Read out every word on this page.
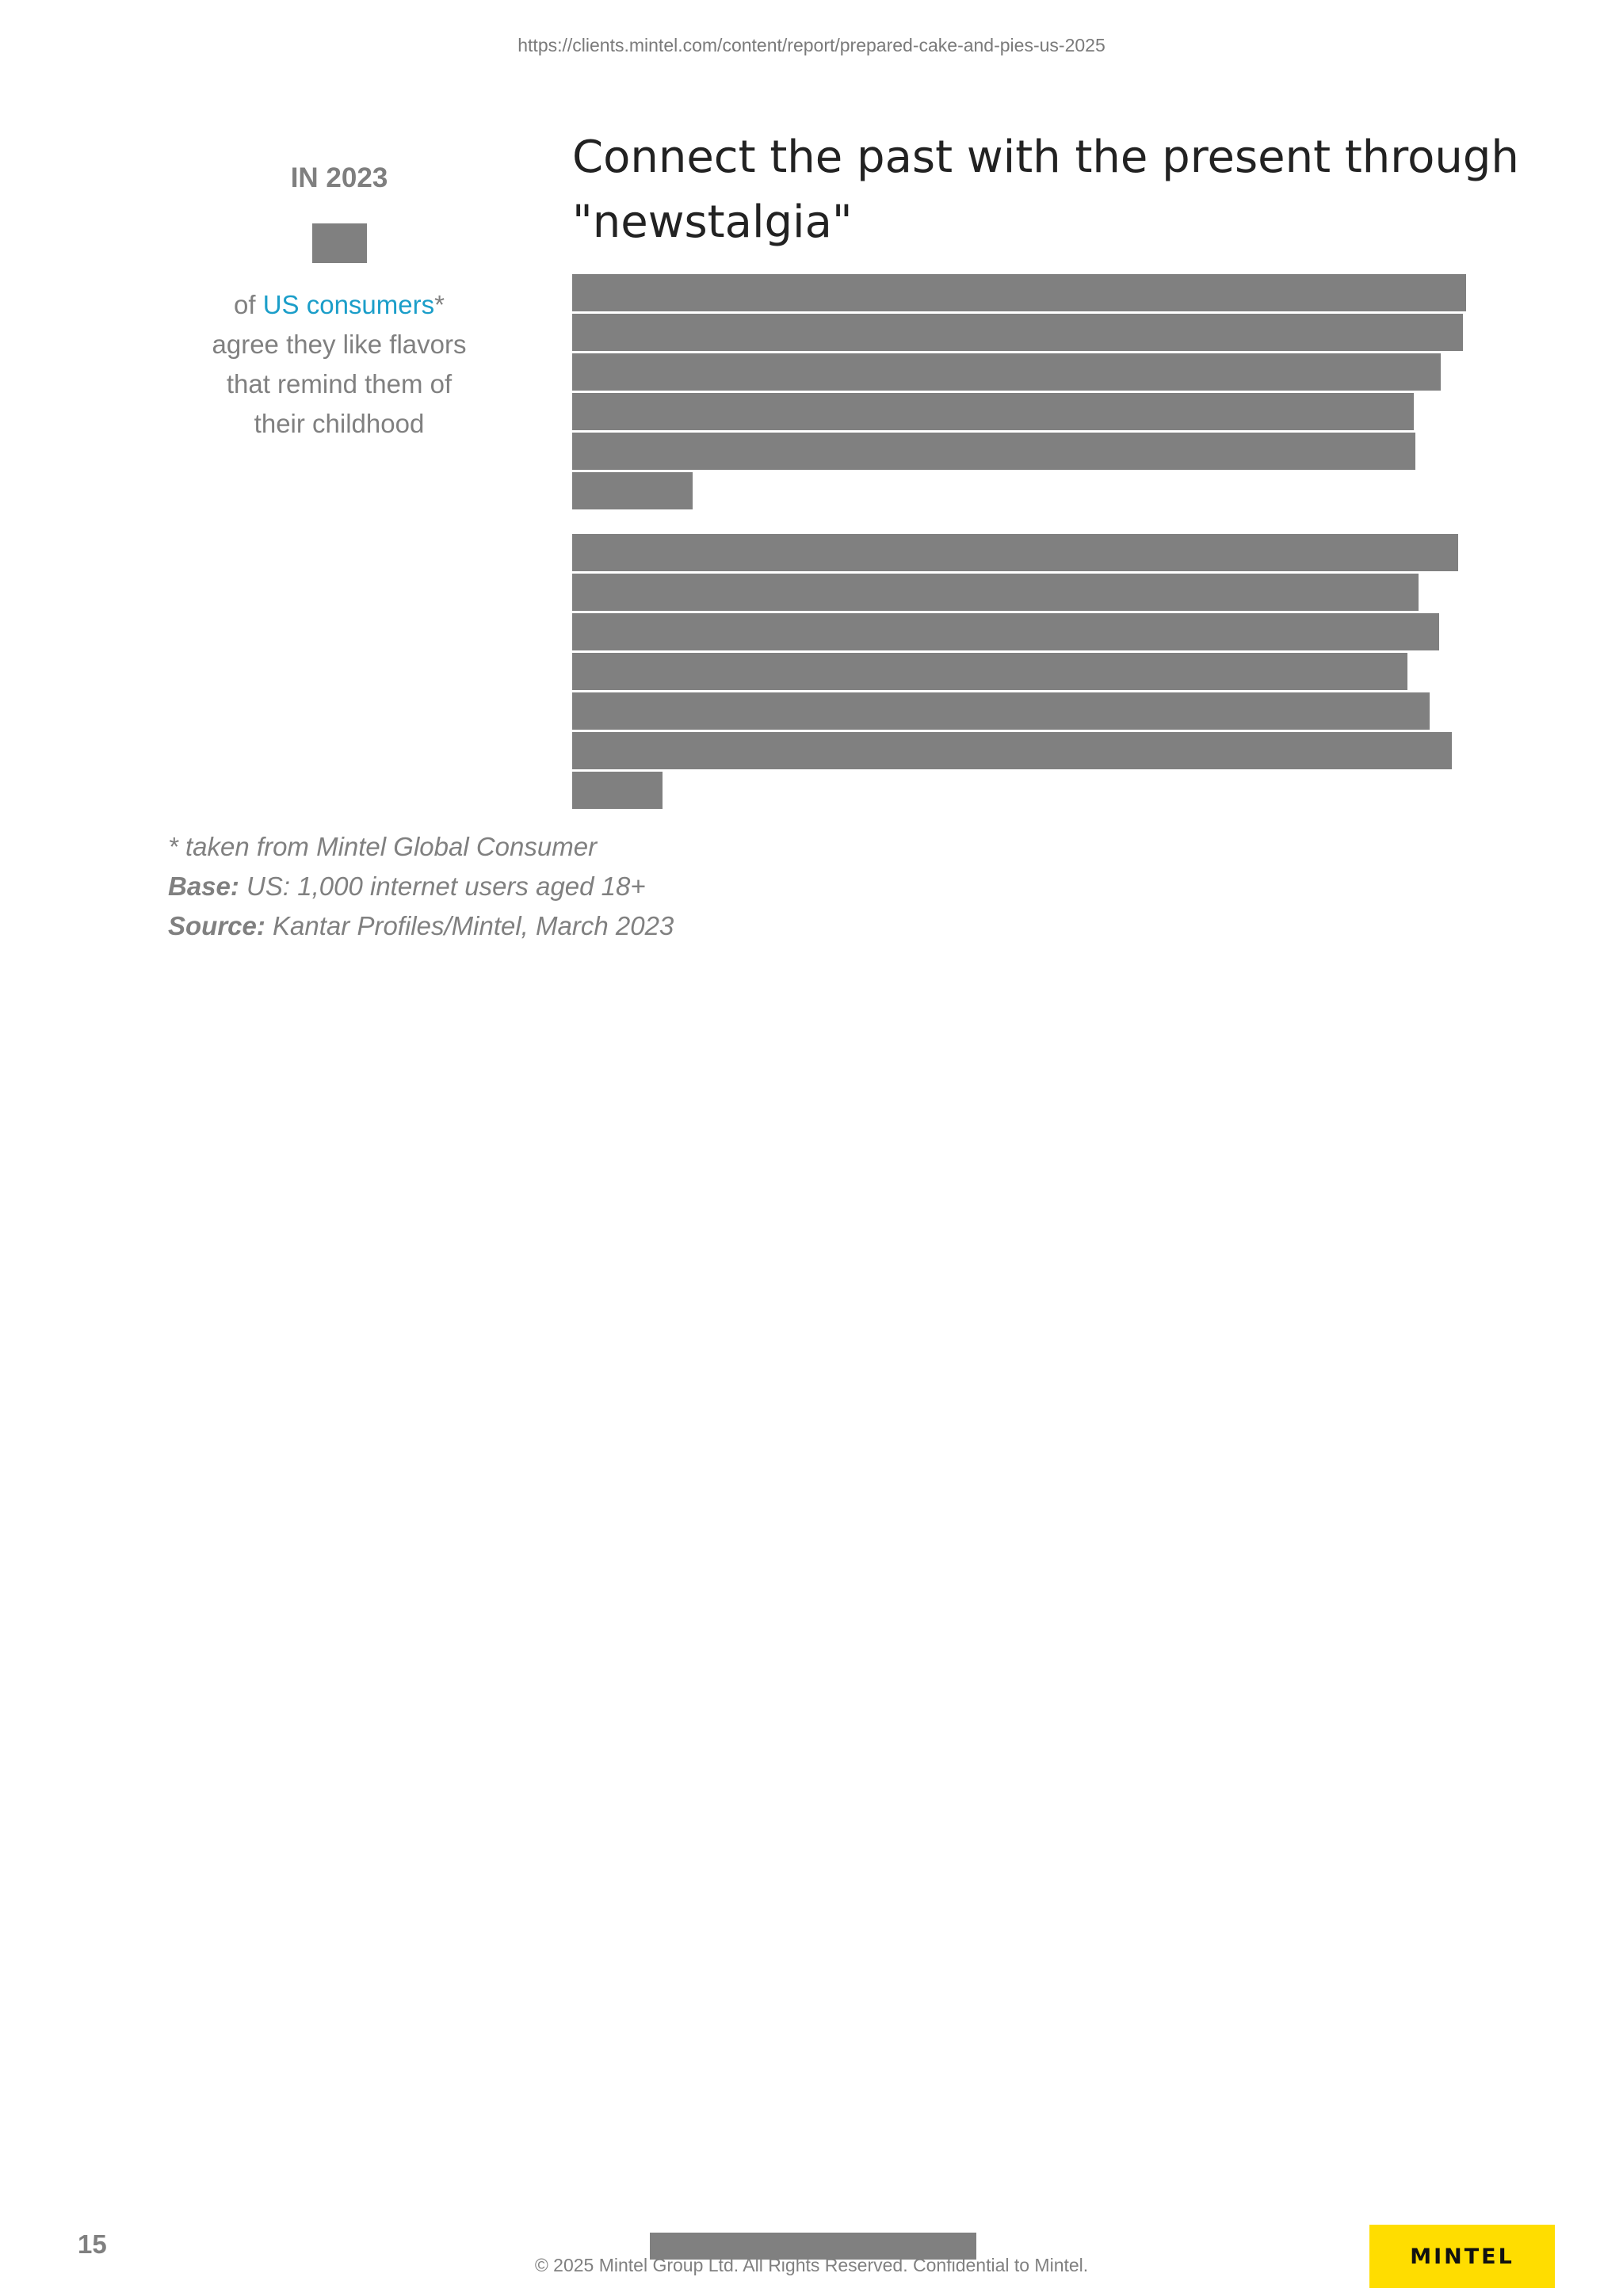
https://clients.mintel.com/content/report/prepared-cake-and-pies-us-2025
IN 2023
of US consumers*
agree they like flavors
that remind them of
their childhood
Connect the past with the present through "newstalgia"
* taken from Mintel Global Consumer
Base: US: 1,000 internet users aged 18+
Source: Kantar Profiles/Mintel, March 2023
15
© 2025 Mintel Group Ltd. All Rights Reserved. Confidential to Mintel.	MINTEL
